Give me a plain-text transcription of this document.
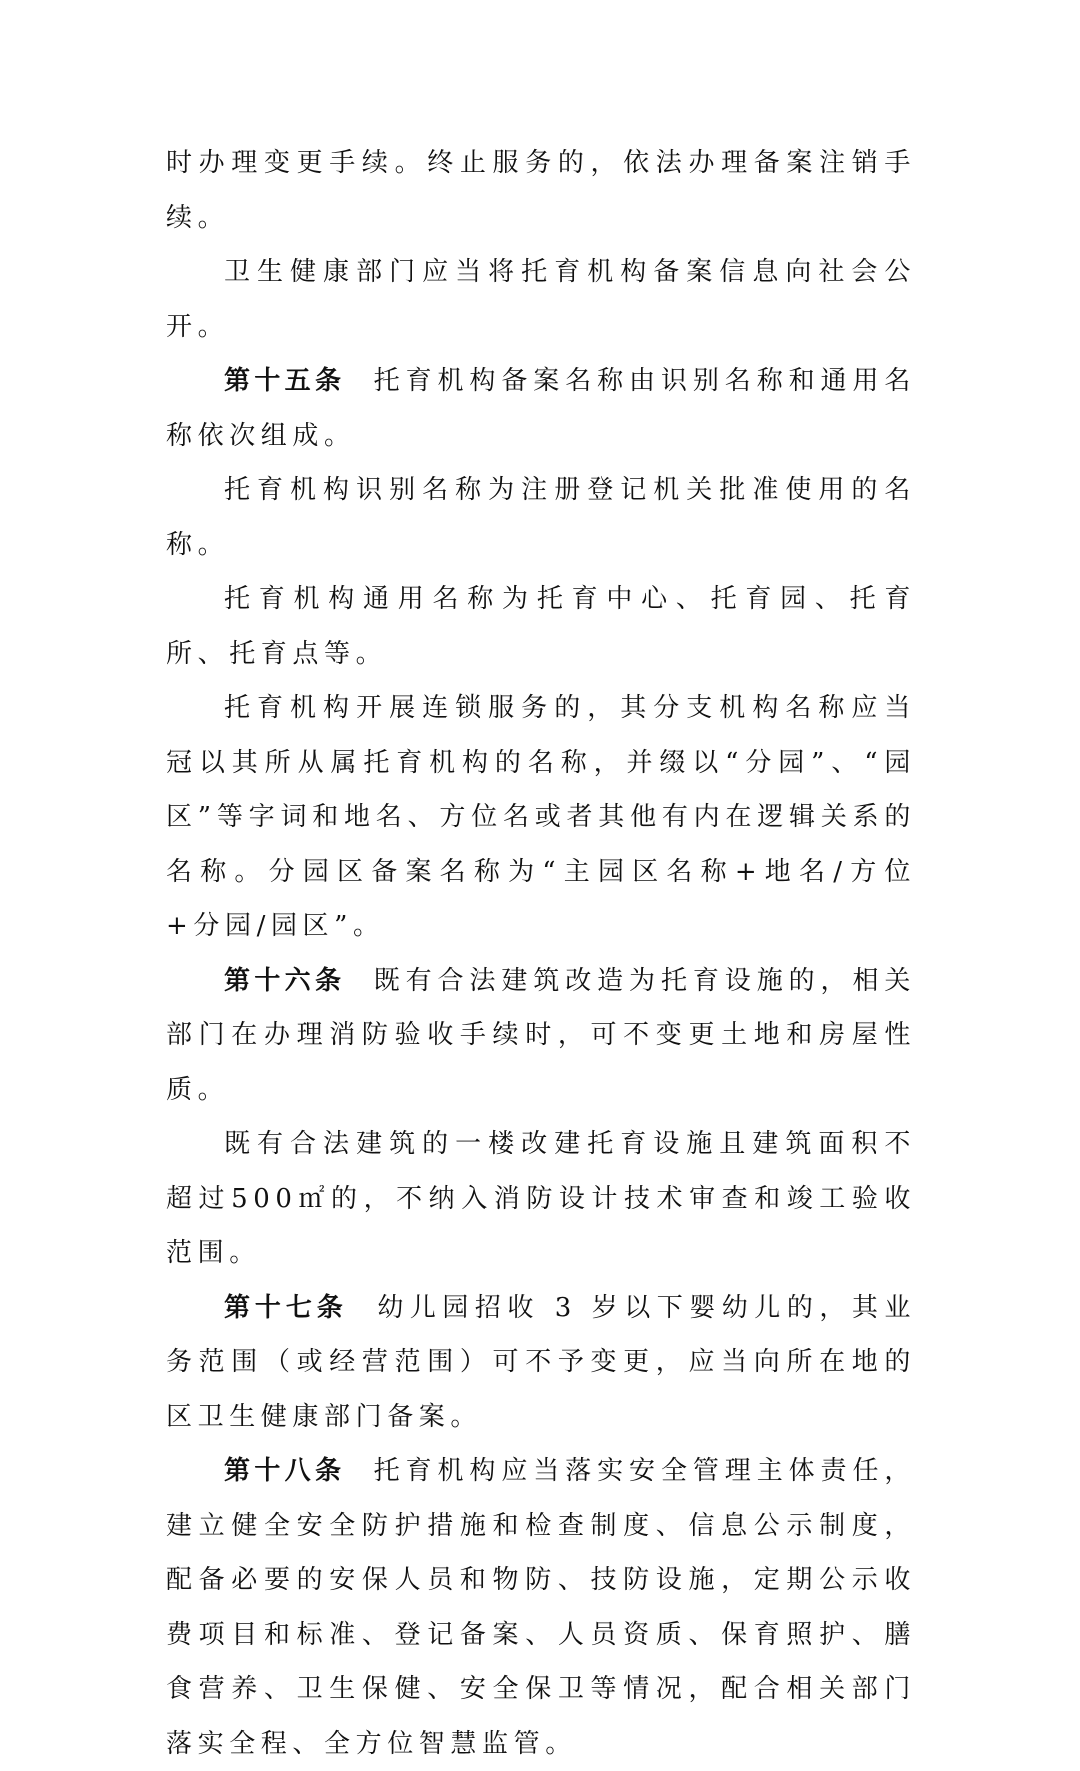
时办理变更手续。终止服务的，依法办理备案注销手续。

卫生健康部门应当将托育机构备案信息向社会公开。

第十五条 托育机构备案名称由识别名称和通用名称依次组成。

托育机构识别名称为注册登记机关批准使用的名称。

托育机构通用名称为托育中心、托育园、托育所、托育点等。

托育机构开展连锁服务的，其分支机构名称应当冠以其所从属托育机构的名称，并缀以“分园”、“园区”等字词和地名、方位名或者其他有内在逻辑关系的名称。分园区备案名称为“主园区名称+地名/方位+分园/园区”。

第十六条 既有合法建筑改造为托育设施的，相关部门在办理消防验收手续时，可不变更土地和房屋性质。

既有合法建筑的一楼改建托育设施且建筑面积不超过500㎡的，不纳入消防设计技术审查和竣工验收范围。

第十七条 幼儿园招收 3 岁以下婴幼儿的，其业务范围（或经营范围）可不予变更，应当向所在地的区卫生健康部门备案。

第十八条 托育机构应当落实安全管理主体责任，建立健全安全防护措施和检查制度、信息公示制度，配备必要的安保人员和物防、技防设施，定期公示收费项目和标准、登记备案、人员资质、保育照护、膳食营养、卫生保健、安全保卫等情况，配合相关部门落实全程、全方位智慧监管。
